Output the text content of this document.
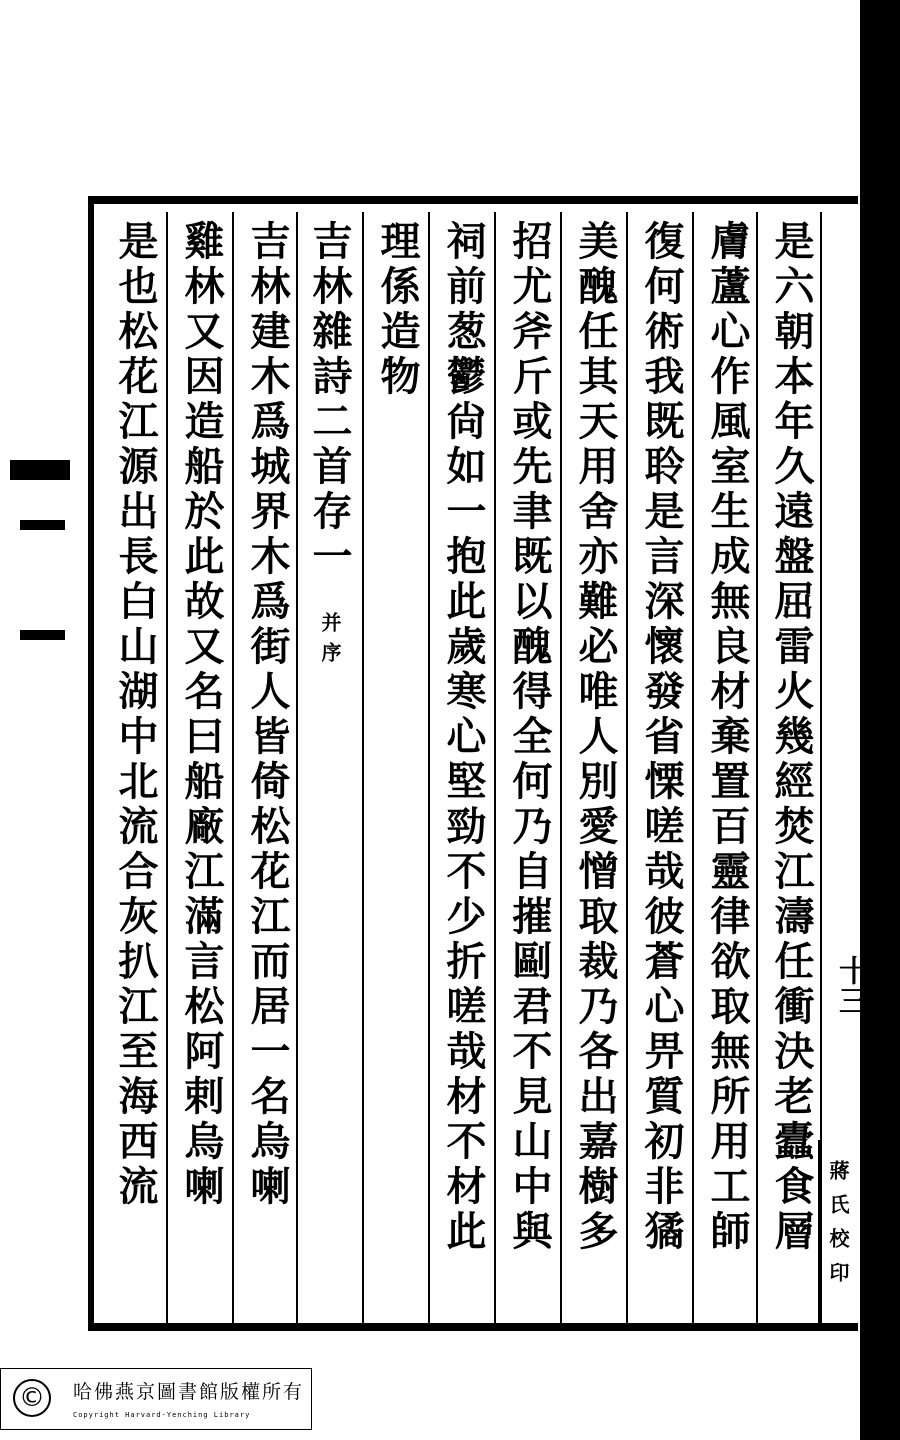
是六朝本年久遠盤屈雷火幾經焚江濤任衝決老蠹食層
膚蘆心作風室生成無良材棄置百靈律欲取無所用工師
復何術我既聆是言深懷發省慄嗟哉彼蒼心畀質初非獝
美醜任其天用舍亦難必唯人別愛憎取裁乃各出嘉樹多
招尤斧斤或先聿既以醜得全何乃自摧剾君不見山中與
祠前葱鬱尙如一抱此歲寒心堅勁不少折嗟哉材不材此
理係造物
吉林雜詩二首存一
并序
吉林建木爲城界木爲街人皆倚松花江而居一名烏喇
雞林又因造船於此故又名曰船廠江滿言松阿剌烏喇
是也松花江源出長白山湖中北流合灰扒江至海西流	十三
蔣氏校印
©	哈佛燕京圖書館版權所有
Copyright Harvard-Yenching Library
